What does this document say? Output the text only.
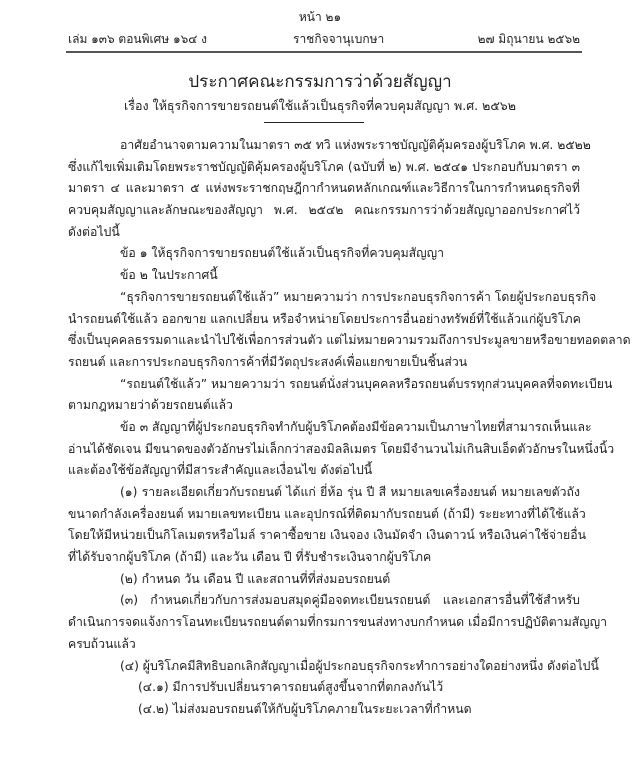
หน้า ๒๑
เล่ม ๑๓๖ ตอนพิเศษ ๑๖๔ ง	ราชกิจจานุเบกษา	๒๗ มิถุนายน ๒๕๖๒
ประกาศคณะกรรมการว่าด้วยสัญญา
เรื่อง ให้ธุรกิจการขายรถยนต์ใช้แล้วเป็นธุรกิจที่ควบคุมสัญญา พ.ศ. ๒๕๖๒
อาศัยอำนาจตามความในมาตรา ๓๕ ทวิ แห่งพระราชบัญญัติคุ้มครองผู้บริโภค พ.ศ. ๒๕๒๒
ซึ่งแก้ไขเพิ่มเติมโดยพระราชบัญญัติคุ้มครองผู้บริโภค (ฉบับที่ ๒) พ.ศ. ๒๕๔๑ ประกอบกับมาตรา ๓
มาตรา ๔ และมาตรา ๕ แห่งพระราชกฤษฎีกากำหนดหลักเกณฑ์และวิธีการในการกำหนดธุรกิจที่
ควบคุมสัญญาและลักษณะของสัญญา พ.ศ. ๒๕๔๒ คณะกรรมการว่าด้วยสัญญาออกประกาศไว้
ดังต่อไปนี้
ข้อ ๑ ให้ธุรกิจการขายรถยนต์ใช้แล้วเป็นธุรกิจที่ควบคุมสัญญา
ข้อ ๒ ในประกาศนี้
“ธุรกิจการขายรถยนต์ใช้แล้ว” หมายความว่า การประกอบธุรกิจการค้า โดยผู้ประกอบธุรกิจ
นำรถยนต์ใช้แล้ว ออกขาย แลกเปลี่ยน หรือจำหน่ายโดยประการอื่นอย่างทรัพย์ที่ใช้แล้วแก่ผู้บริโภค
ซึ่งเป็นบุคคลธรรมดาและนำไปใช้เพื่อการส่วนตัว แต่ไม่หมายความรวมถึงการประมูลขายหรือขายทอดตลาด
รถยนต์ และการประกอบธุรกิจการค้าที่มีวัตถุประสงค์เพื่อแยกขายเป็นชิ้นส่วน
“รถยนต์ใช้แล้ว” หมายความว่า รถยนต์นั่งส่วนบุคคลหรือรถยนต์บรรทุกส่วนบุคคลที่จดทะเบียน
ตามกฎหมายว่าด้วยรถยนต์แล้ว
ข้อ ๓ สัญญาที่ผู้ประกอบธุรกิจทำกับผู้บริโภคต้องมีข้อความเป็นภาษาไทยที่สามารถเห็นและ
อ่านได้ชัดเจน มีขนาดของตัวอักษรไม่เล็กกว่าสองมิลลิเมตร โดยมีจำนวนไม่เกินสิบเอ็ดตัวอักษรในหนึ่งนิ้ว
และต้องใช้ข้อสัญญาที่มีสาระสำคัญและเงื่อนไข ดังต่อไปนี้
(๑) รายละเอียดเกี่ยวกับรถยนต์ ได้แก่ ยี่ห้อ รุ่น ปี สี หมายเลขเครื่องยนต์ หมายเลขตัวถัง
ขนาดกำลังเครื่องยนต์ หมายเลขทะเบียน และอุปกรณ์ที่ติดมากับรถยนต์ (ถ้ามี) ระยะทางที่ได้ใช้แล้ว
โดยให้มีหน่วยเป็นกิโลเมตรหรือไมล์ ราคาซื้อขาย เงินจอง เงินมัดจำ เงินดาวน์ หรือเงินค่าใช้จ่ายอื่น
ที่ได้รับจากผู้บริโภค (ถ้ามี) และวัน เดือน ปี ที่รับชำระเงินจากผู้บริโภค
(๒) กำหนด วัน เดือน ปี และสถานที่ที่ส่งมอบรถยนต์
(๓) กำหนดเกี่ยวกับการส่งมอบสมุดคู่มือจดทะเบียนรถยนต์ และเอกสารอื่นที่ใช้สำหรับ
ดำเนินการจดแจ้งการโอนทะเบียนรถยนต์ตามที่กรมการขนส่งทางบกกำหนด เมื่อมีการปฏิบัติตามสัญญา
ครบถ้วนแล้ว
(๔) ผู้บริโภคมีสิทธิบอกเลิกสัญญาเมื่อผู้ประกอบธุรกิจกระทำการอย่างใดอย่างหนึ่ง ดังต่อไปนี้
(๔.๑) มีการปรับเปลี่ยนราคารถยนต์สูงขึ้นจากที่ตกลงกันไว้
(๔.๒) ไม่ส่งมอบรถยนต์ให้กับผู้บริโภคภายในระยะเวลาที่กำหนด
